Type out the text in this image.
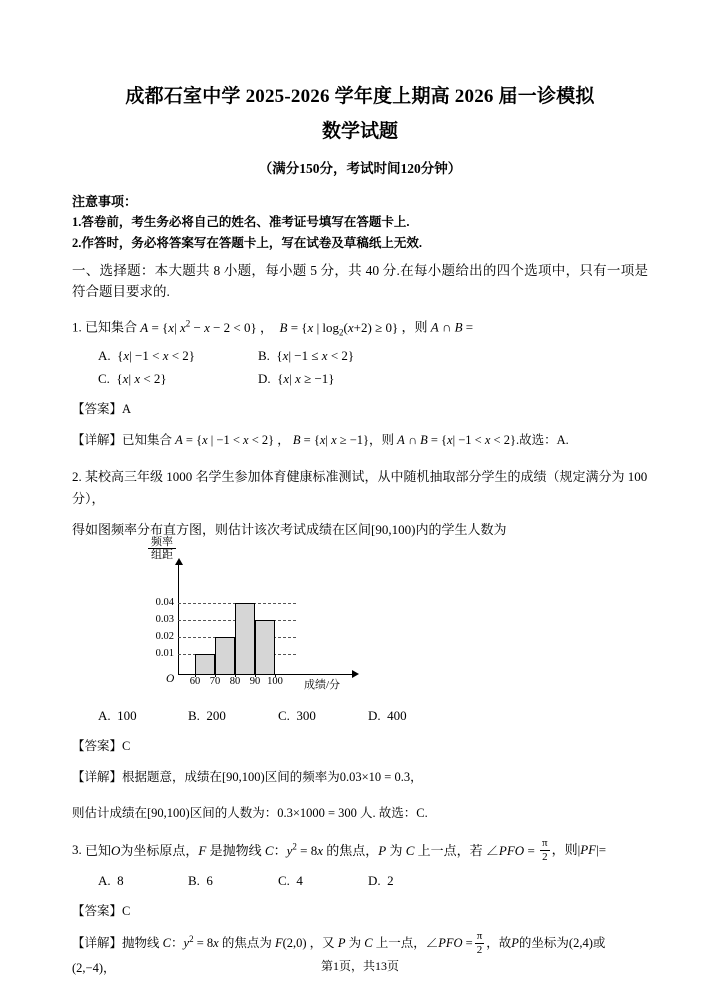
成都石室中学 2025-2026 学年度上期高 2026 届一诊模拟
数学试题
（满分150分，考试时间120分钟）
注意事项：
1.答卷前，考生务必将自己的姓名、准考证号填写在答题卡上.
2.作答时，务必将答案写在答题卡上，写在试卷及草稿纸上无效.
一、选择题：本大题共 8 小题，每小题 5 分，共 40 分.在每小题给出的四个选项中，只有一项是符合题目要求的.
1. 已知集合 A = {x| $x^2 - x - 2 < 0$} ，  B = {x | $\log_2(x+2) \ge 0$} ，则 A ∩ B =
A.  {x| −1 < x < 2}	B.  {x| −1 ≤ x < 2}
C.  {x| x < 2}	D.  {x| x ≥ −1}
【答案】A
【详解】已知集合 A = {x | −1 < x < 2} ， B = {x| x ≥ −1}，则 A ∩ B = {x| −1 < x < 2}.故选：A.
2. 某校高三年级 1000 名学生参加体育健康标准测试，从中随机抽取部分学生的成绩（规定满分为 100 分），
得如图频率分布直方图，则估计该次考试成绩在区间[90,100)内的学生人数为
频率
组距
O
0.01
0.02
0.03
0.04
60 70 80 90 100 成绩/分
A. 100	B. 200	C. 300	D. 400
【答案】C
【详解】根据题意，成绩在[90,100)区间的频率为0.03×10 = 0.3，
则估计成绩在[90,100)区间的人数为：0.3×1000 = 300 人. 故选：C.
3. 已知O为坐标原点，F 是抛物线 C：$y^2 = 8x$ 的焦点，P 为 C 上一点，若 ∠PFO = $\frac{\pi}{2}$ ，则|PF|=
A. 8	B. 6	C. 4	D. 2
【答案】C
【详解】抛物线 C：$y^2 = 8x$ 的焦点为 F(2,0) ，又 P 为 C 上一点，∠PFO = $\frac{\pi}{2}$ ，故P的坐标为(2,4)或(2,−4)，	第1页，共13页
